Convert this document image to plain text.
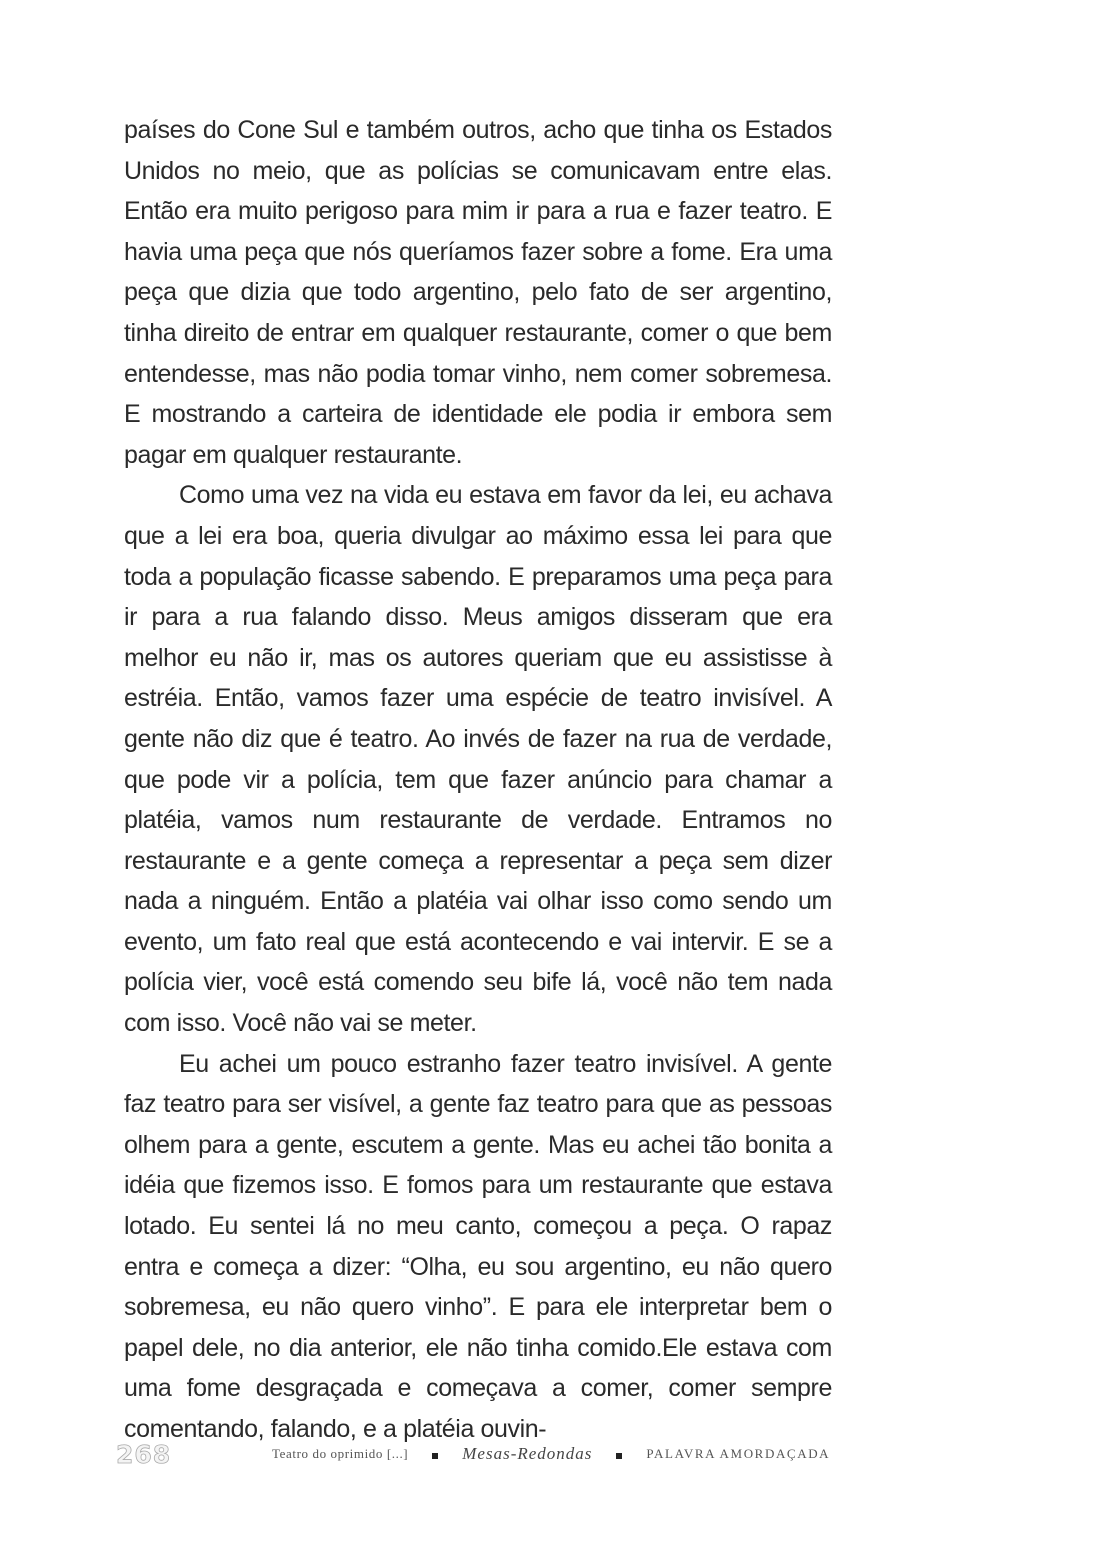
países do Cone Sul e também outros, acho que tinha os Estados Unidos no meio, que as polícias se comunicavam entre elas. Então era muito perigoso para mim ir para a rua e fazer teatro. E havia uma peça que nós queríamos fazer sobre a fome. Era uma peça que dizia que todo argentino, pelo fato de ser argentino, tinha direito de entrar em qualquer restaurante, comer o que bem entendesse, mas não podia tomar vinho, nem comer sobremesa. E mostrando a carteira de identidade ele podia ir embora sem pagar em qualquer restaurante.

Como uma vez na vida eu estava em favor da lei, eu achava que a lei era boa, queria divulgar ao máximo essa lei para que toda a população ficasse sabendo. E preparamos uma peça para ir para a rua falando disso. Meus amigos disseram que era melhor eu não ir, mas os autores queriam que eu assistisse à estréia. Então, vamos fazer uma espécie de teatro invisível. A gente não diz que é teatro. Ao invés de fazer na rua de verdade, que pode vir a polícia, tem que fazer anúncio para chamar a platéia, vamos num restaurante de verdade. Entramos no restaurante e a gente começa a representar a peça sem dizer nada a ninguém. Então a platéia vai olhar isso como sendo um evento, um fato real que está acontecendo e vai intervir. E se a polícia vier, você está comendo seu bife lá, você não tem nada com isso. Você não vai se meter.

Eu achei um pouco estranho fazer teatro invisível. A gente faz teatro para ser visível, a gente faz teatro para que as pessoas olhem para a gente, escutem a gente. Mas eu achei tão bonita a idéia que fizemos isso. E fomos para um restaurante que estava lotado. Eu sentei lá no meu canto, começou a peça. O rapaz entra e começa a dizer: “Olha, eu sou argentino, eu não quero sobremesa, eu não quero vinho”. E para ele interpretar bem o papel dele, no dia anterior, ele não tinha comido.Ele estava com uma fome desgraçada e começava a comer, comer sempre comentando, falando, e a platéia ouvin-

268	Teatro do oprimido [...]	Mesas-Redondas	PALAVRA AMORDAÇADA
